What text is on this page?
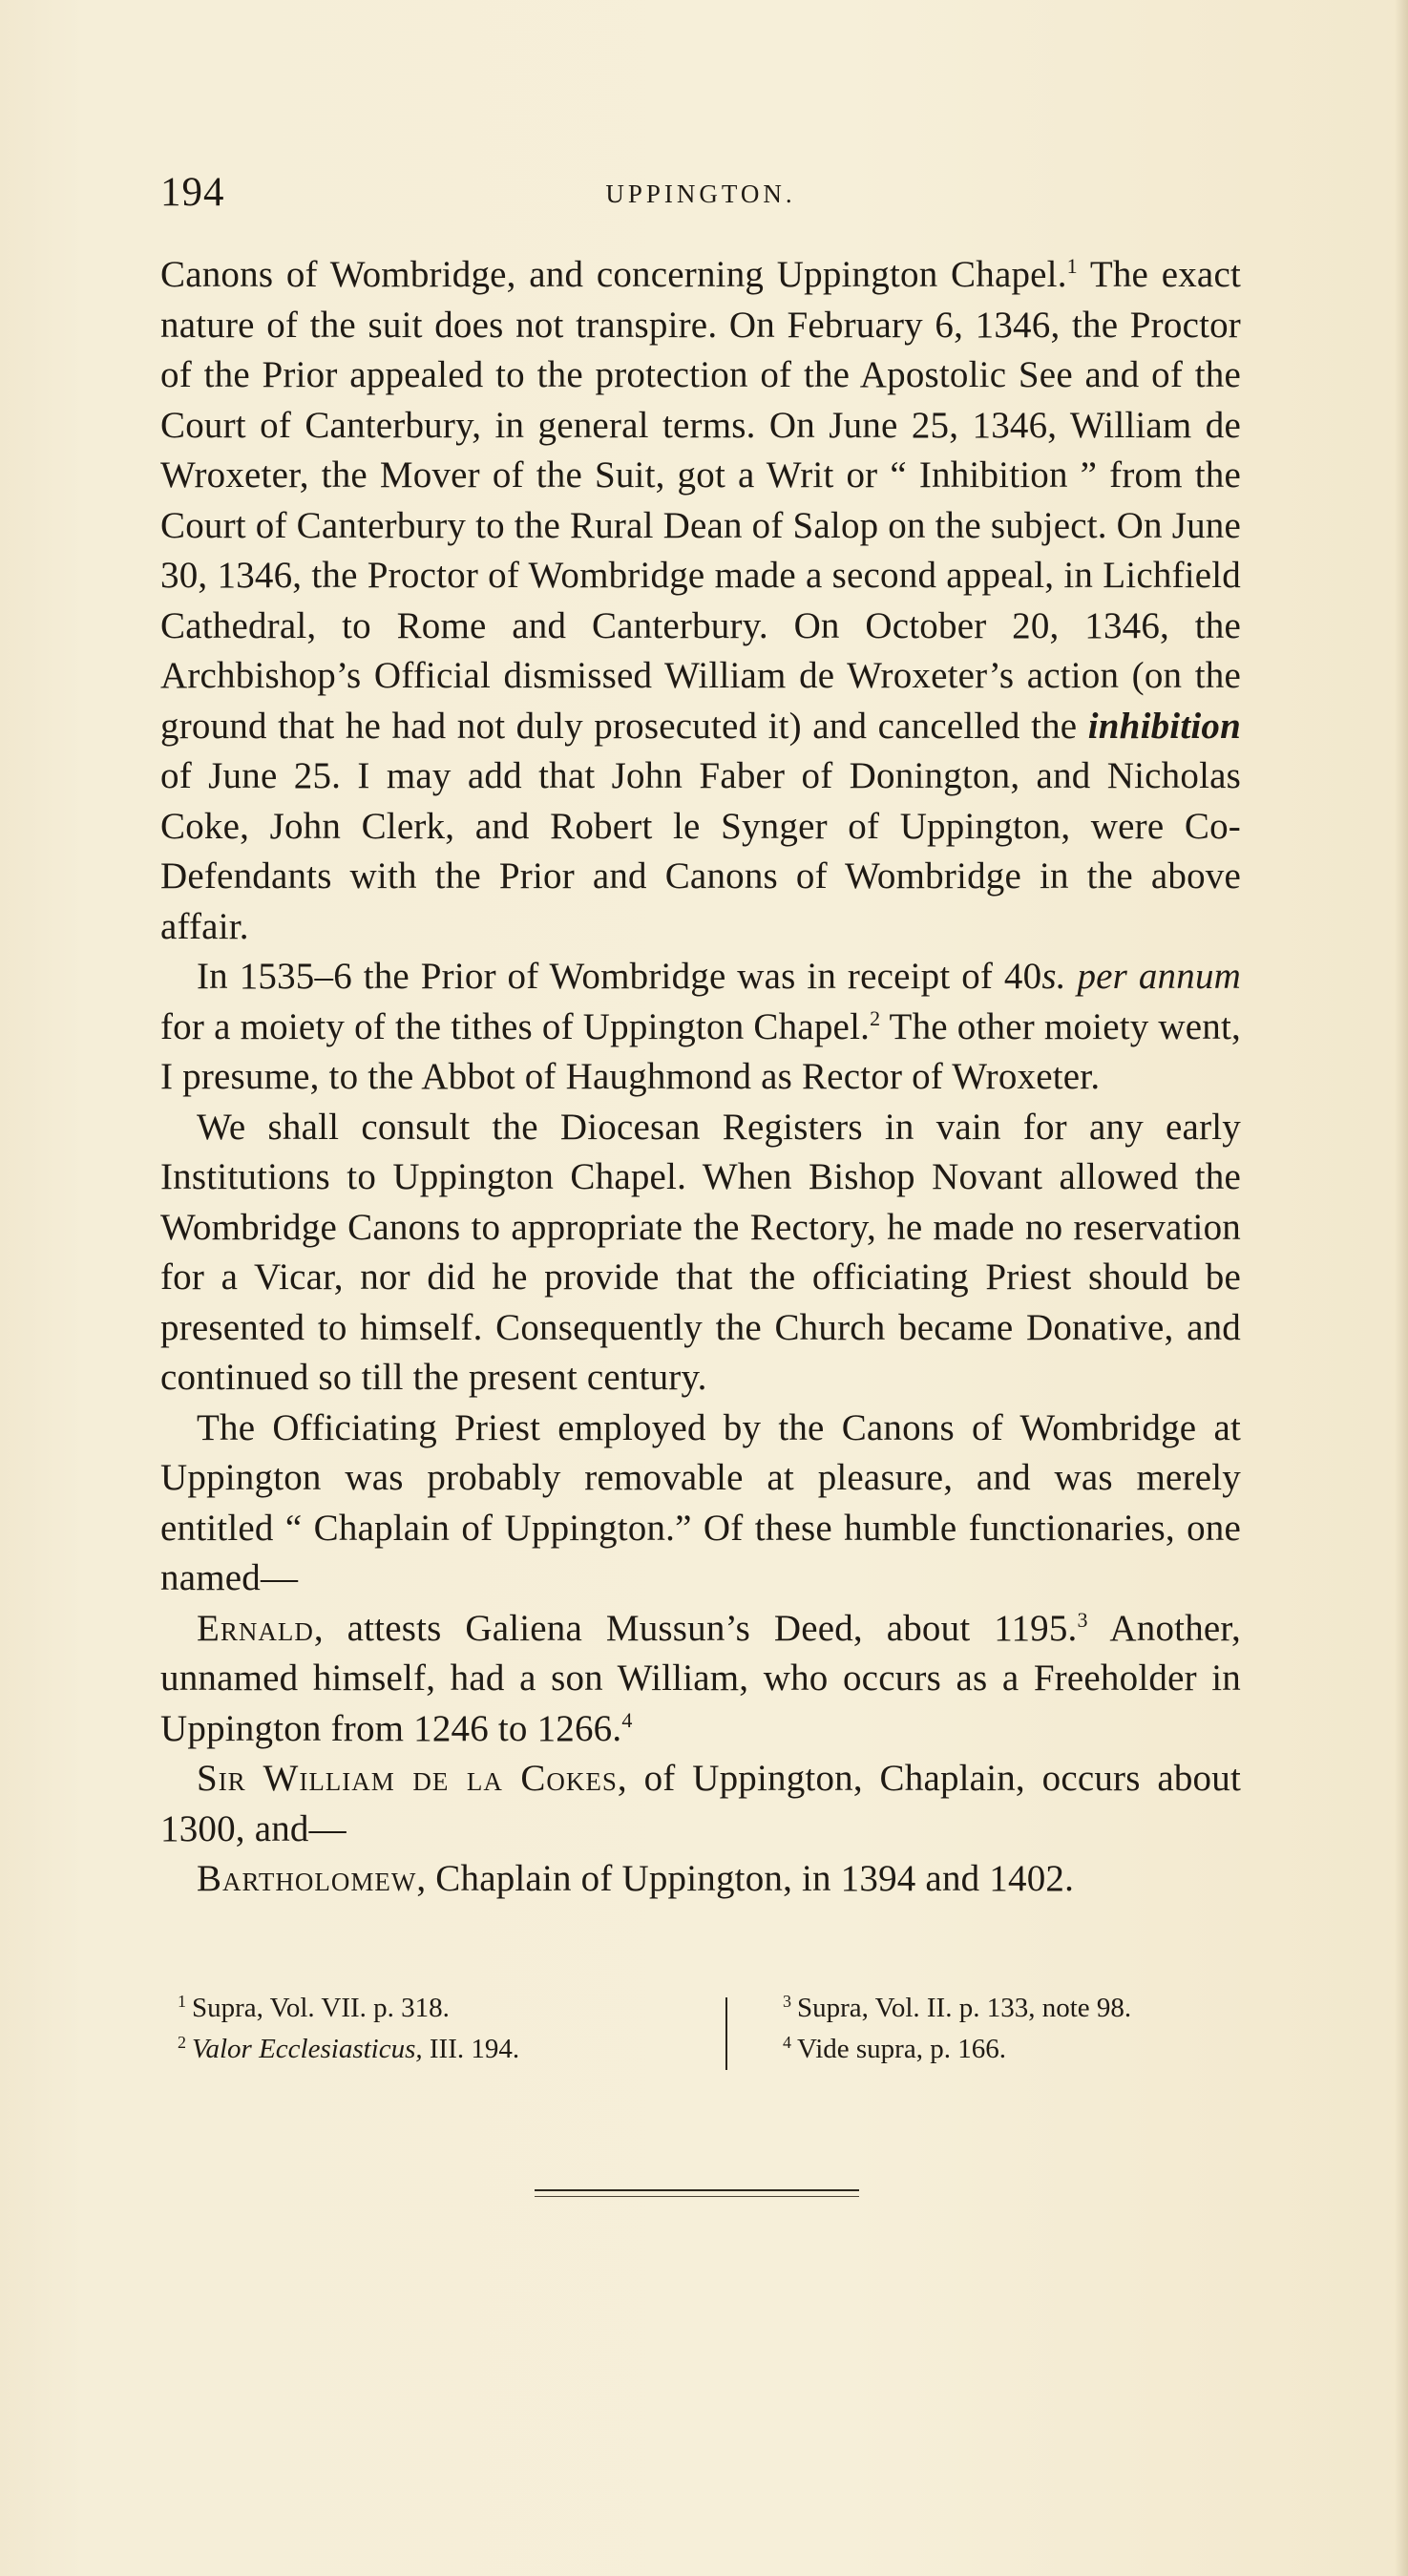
194	UPPINGTON.

Canons of Wombridge, and concerning Uppington Chapel.$^1$ The exact nature of the suit does not transpire. On February 6, 1346, the Proctor of the Prior appealed to the protection of the Apostolic See and of the Court of Canterbury, in general terms. On June 25, 1346, William de Wroxeter, the Mover of the Suit, got a Writ or “ Inhibition ” from the Court of Canterbury to the Rural Dean of Salop on the subject. On June 30, 1346, the Proctor of Wombridge made a second appeal, in Lichfield Cathedral, to Rome and Canterbury. On October 20, 1346, the Archbishop’s Official dismissed William de Wroxeter’s action (on the ground that he had not duly prosecuted it) and cancelled the inhibition of June 25. I may add that John Faber of Donington, and Nicholas Coke, John Clerk, and Robert le Synger of Uppington, were Co-Defendants with the Prior and Canons of Wombridge in the above affair.

In 1535–6 the Prior of Wombridge was in receipt of 40s. per annum for a moiety of the tithes of Uppington Chapel.$^2$ The other moiety went, I presume, to the Abbot of Haughmond as Rector of Wroxeter.

We shall consult the Diocesan Registers in vain for any early Institutions to Uppington Chapel. When Bishop Novant allowed the Wombridge Canons to appropriate the Rectory, he made no reservation for a Vicar, nor did he provide that the officiating Priest should be presented to himself. Consequently the Church became Donative, and continued so till the present century.

The Officiating Priest employed by the Canons of Wombridge at Uppington was probably removable at pleasure, and was merely entitled “ Chaplain of Uppington.” Of these humble functionaries, one named—

Ernald, attests Galiena Mussun’s Deed, about 1195.$^3$ Another, unnamed himself, had a son William, who occurs as a Freeholder in Uppington from 1246 to 1266.$^4$

Sir William de la Cokes, of Uppington, Chaplain, occurs about 1300, and—

Bartholomew, Chaplain of Uppington, in 1394 and 1402.

$^1$ Supra, Vol. VII. p. 318.
$^2$ Valor Ecclesiasticus, III. 194.
$^3$ Supra, Vol. II. p. 133, note 98.
$^4$ Vide supra, p. 166.
